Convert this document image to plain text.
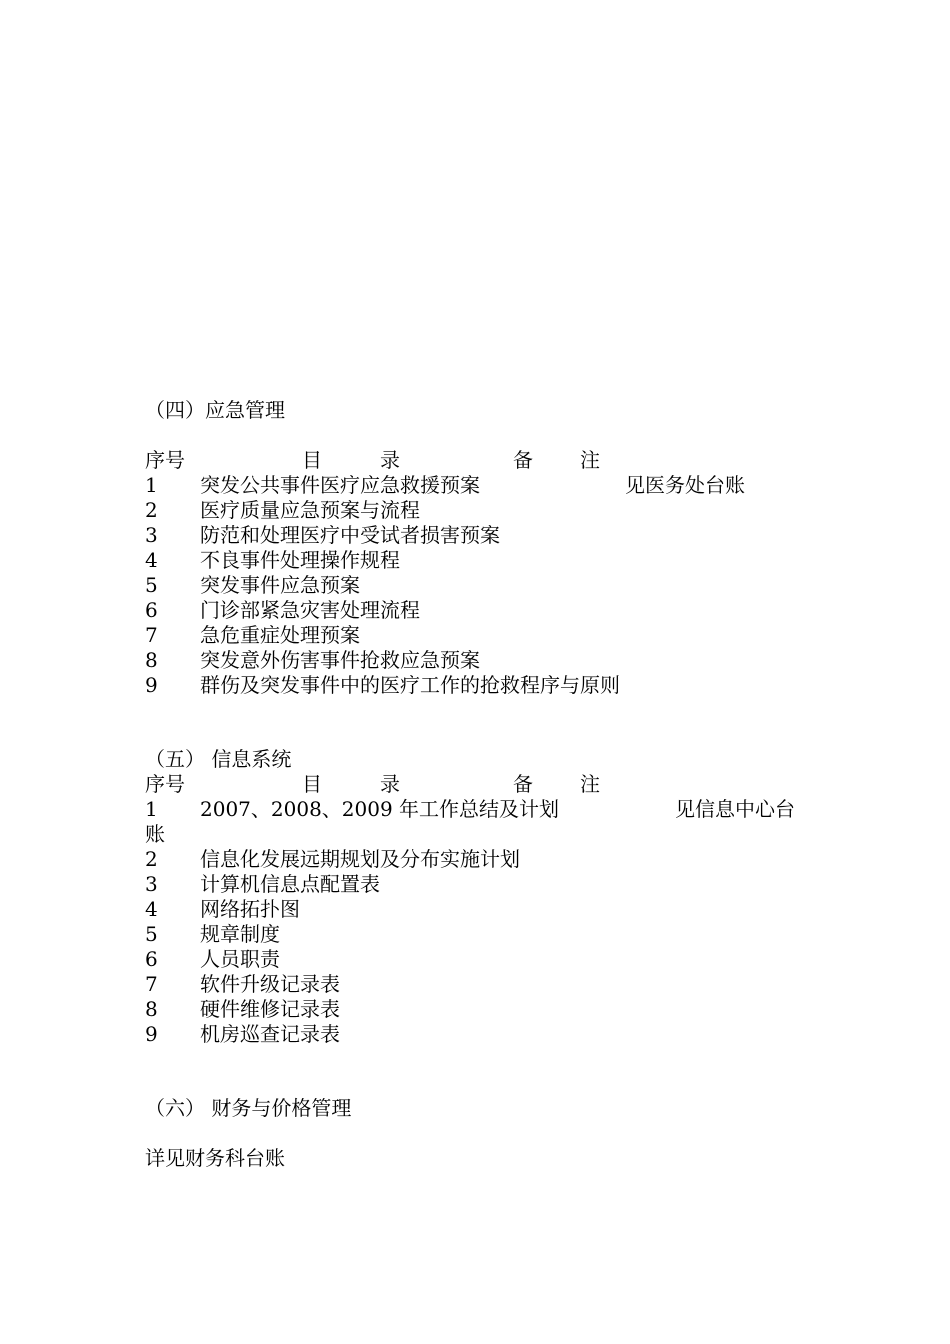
（四）应急管理
序号	目	录	备 注
1 突发公共事件医疗应急救援预案	见医务处台账
2 医疗质量应急预案与流程
3 防范和处理医疗中受试者损害预案
4 不良事件处理操作规程
5 突发事件应急预案
6 门诊部紧急灾害处理流程
7 急危重症处理预案
8 突发意外伤害事件抢救应急预案
9 群伤及突发事件中的医疗工作的抢救程序与原则
（五） 信息系统
序号	目	录	备 注
1 2007、2008、2009 年工作总结及计划	见信息中心台
账
2 信息化发展远期规划及分布实施计划
3 计算机信息点配置表
4 网络拓扑图
5 规章制度
6 人员职责
7 软件升级记录表
8 硬件维修记录表
9 机房巡查记录表
（六） 财务与价格管理
详见财务科台账
